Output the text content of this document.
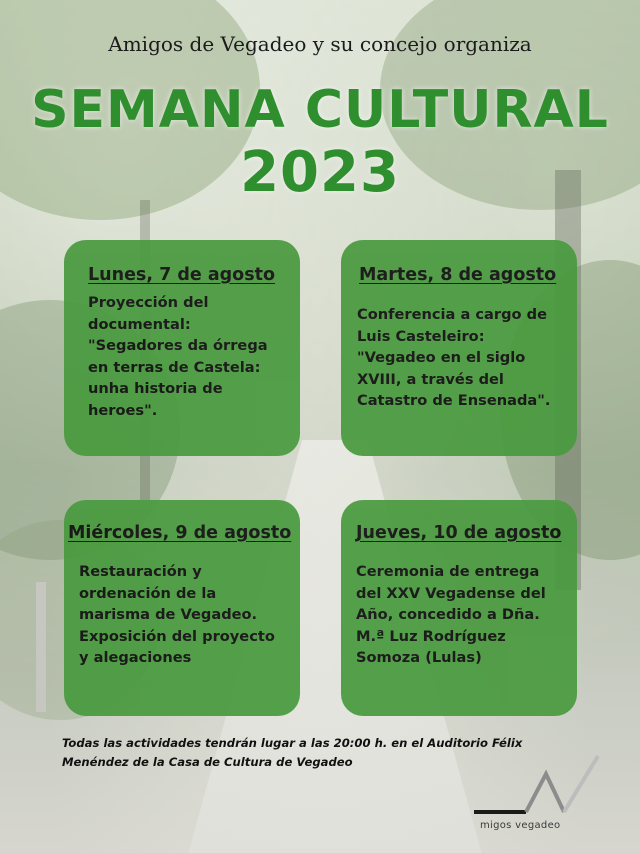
Amigos de Vegadeo y su concejo organiza
SEMANA CULTURAL
2023
Lunes, 7 de agosto
Proyección del
documental:
"Segadores da órrega
en terras de Castela:
unha historia de
heroes".
Martes, 8 de agosto
Conferencia a cargo de
Luis Casteleiro:
"Vegadeo en el siglo
XVIII, a través del
Catastro de Ensenada".
Miércoles, 9 de agosto
Restauración y
ordenación de la
marisma de Vegadeo.
Exposición del proyecto
y alegaciones
Jueves, 10 de agosto
Ceremonia de entrega
del XXV Vegadense del
Año, concedido a Dña.
M.ª Luz Rodríguez
Somoza (Lulas)
Todas las actividades tendrán lugar a las 20:00 h. en el Auditorio Félix
Menéndez de la Casa de Cultura de Vegadeo
migos vegadeo
